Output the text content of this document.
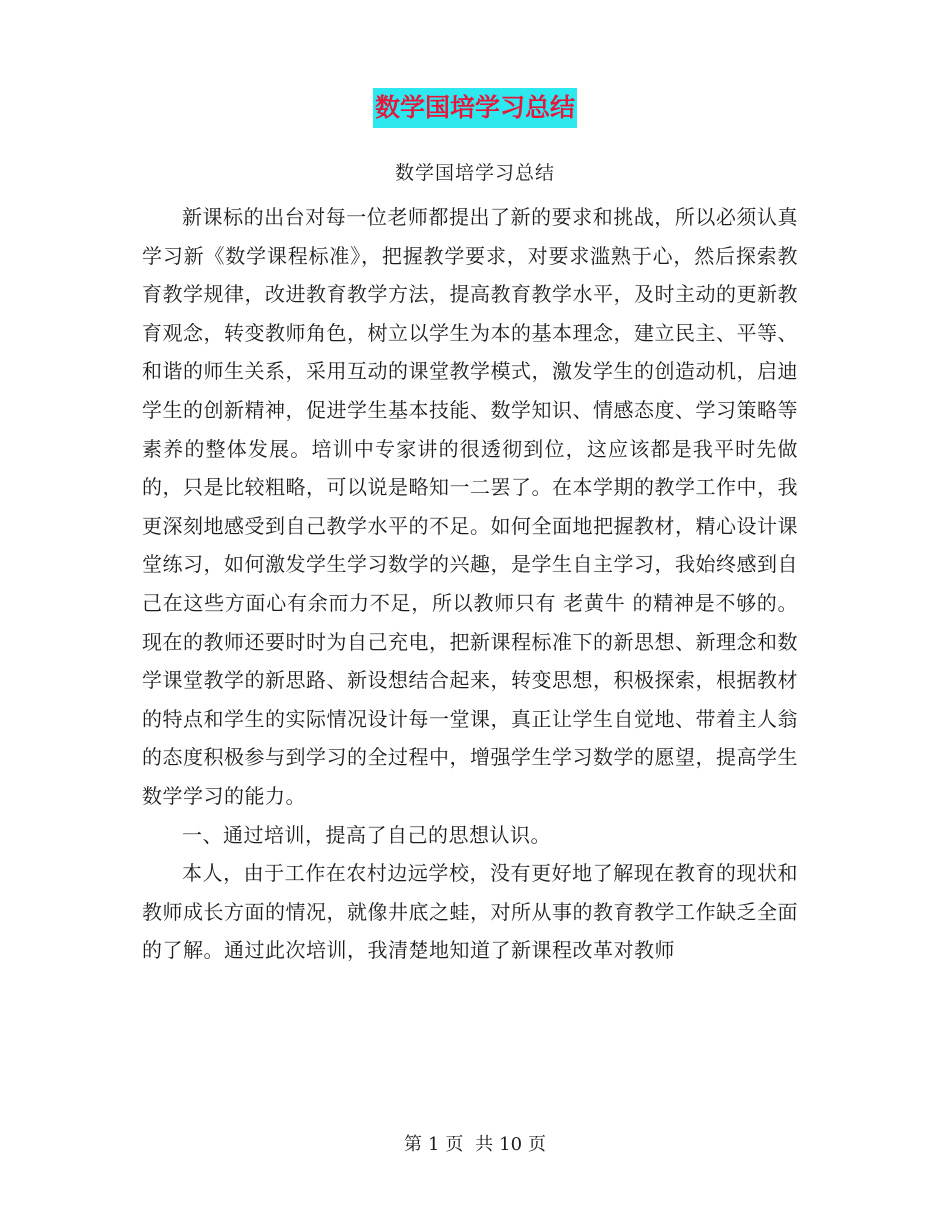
数学国培学习总结
数学国培学习总结

新课标的出台对每一位老师都提出了新的要求和挑战，所以必须认真学习新《数学课程标准》，把握教学要求，对要求滥熟于心，然后探索教育教学规律，改进教育教学方法，提高教育教学水平，及时主动的更新教育观念，转变教师角色，树立以学生为本的基本理念，建立民主、平等、和谐的师生关系，采用互动的课堂教学模式，激发学生的创造动机，启迪学生的创新精神，促进学生基本技能、数学知识、情感态度、学习策略等素养的整体发展。培训中专家讲的很透彻到位，这应该都是我平时先做的，只是比较粗略，可以说是略知一二罢了。在本学期的教学工作中，我更深刻地感受到自己教学水平的不足。如何全面地把握教材，精心设计课堂练习，如何激发学生学习数学的兴趣，是学生自主学习，我始终感到自己在这些方面心有余而力不足，所以教师只有 老黄牛 的精神是不够的。现在的教师还要时时为自己充电，把新课程标准下的新思想、新理念和数学课堂教学的新思路、新设想结合起来，转变思想，积极探索，根据教材的特点和学生的实际情况设计每一堂课，真正让学生自觉地、带着主人翁的态度积极参与到学习的全过程中，增强学生学习数学的愿望，提高学生数学学习的能力。

一、通过培训，提高了自己的思想认识。

本人，由于工作在农村边远学校，没有更好地了解现在教育的现状和教师成长方面的情况，就像井底之蛙，对所从事的教育教学工作缺乏全面的了解。通过此次培训，我清楚地知道了新课程改革对教师

第 1 页 共 10 页
